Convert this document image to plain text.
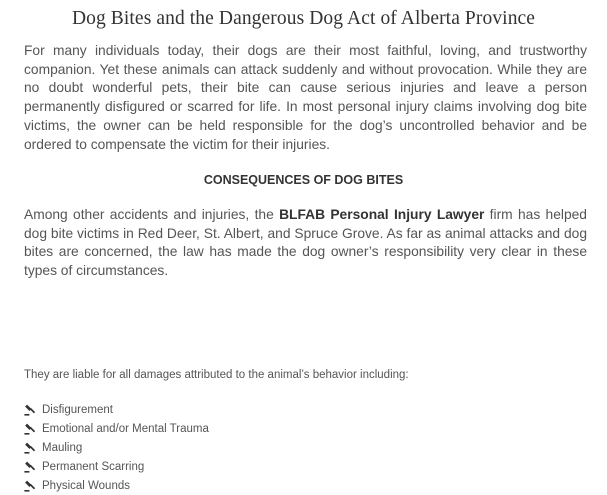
Dog Bites and the Dangerous Dog Act of Alberta Province

For many individuals today, their dogs are their most faithful, loving, and trustworthy companion. Yet these animals can attack suddenly and without provocation. While they are no doubt wonderful pets, their bite can cause serious injuries and leave a person permanently disfigured or scarred for life. In most personal injury claims involving dog bite victims, the owner can be held responsible for the dog’s uncontrolled behavior and be ordered to compensate the victim for their injuries.

CONSEQUENCES OF DOG BITES

Among other accidents and injuries, the BLFAB Personal Injury Lawyer firm has helped dog bite victims in Red Deer, St. Albert, and Spruce Grove. As far as animal attacks and dog bites are concerned, the law has made the dog owner’s responsibility very clear in these types of circumstances.

They are liable for all damages attributed to the animal’s behavior including:

Disfigurement
Emotional and/or Mental Trauma
Mauling
Permanent Scarring
Physical Wounds
